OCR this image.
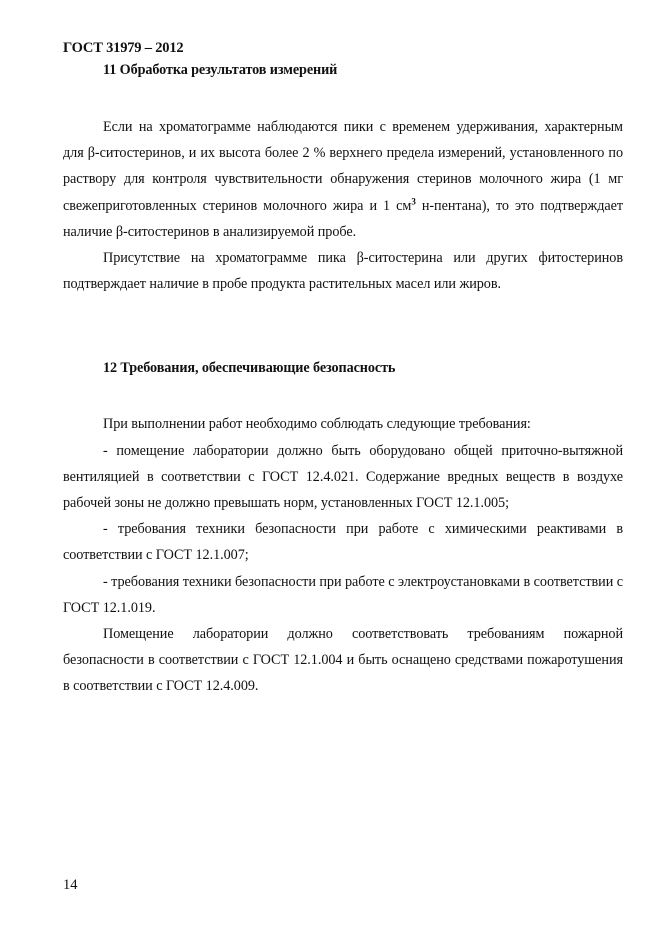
ГОСТ 31979 – 2012
11 Обработка результатов измерений

Если на хроматограмме наблюдаются пики с временем удерживания, характерным для β-ситостеринов, и их высота более 2 % верхнего предела измерений, установленного по раствору для контроля чувствительности обнаружения стеринов молочного жира (1 мг свежеприготовленных стеринов молочного жира и 1 $см^3$ н-пентана), то это подтверждает наличие β-ситостеринов в анализируемой пробе.

Присутствие на хроматограмме пика β-ситостерина или других фитостеринов подтверждает наличие в пробе продукта растительных масел или жиров.

12 Требования, обеспечивающие безопасность

При выполнении работ необходимо соблюдать следующие требования:

- помещение лаборатории должно быть оборудовано общей приточно-вытяжной вентиляцией в соответствии с ГОСТ 12.4.021. Содержание вредных веществ в воздухе рабочей зоны не должно превышать норм, установленных ГОСТ 12.1.005;

- требования техники безопасности при работе с химическими реактивами в соответствии с ГОСТ 12.1.007;

- требования техники безопасности при работе с электроустановками в соответствии с ГОСТ 12.1.019.

Помещение лаборатории должно соответствовать требованиям пожарной безопасности в соответствии с ГОСТ 12.1.004 и быть оснащено средствами пожаротушения в соответствии с ГОСТ 12.4.009.

14
